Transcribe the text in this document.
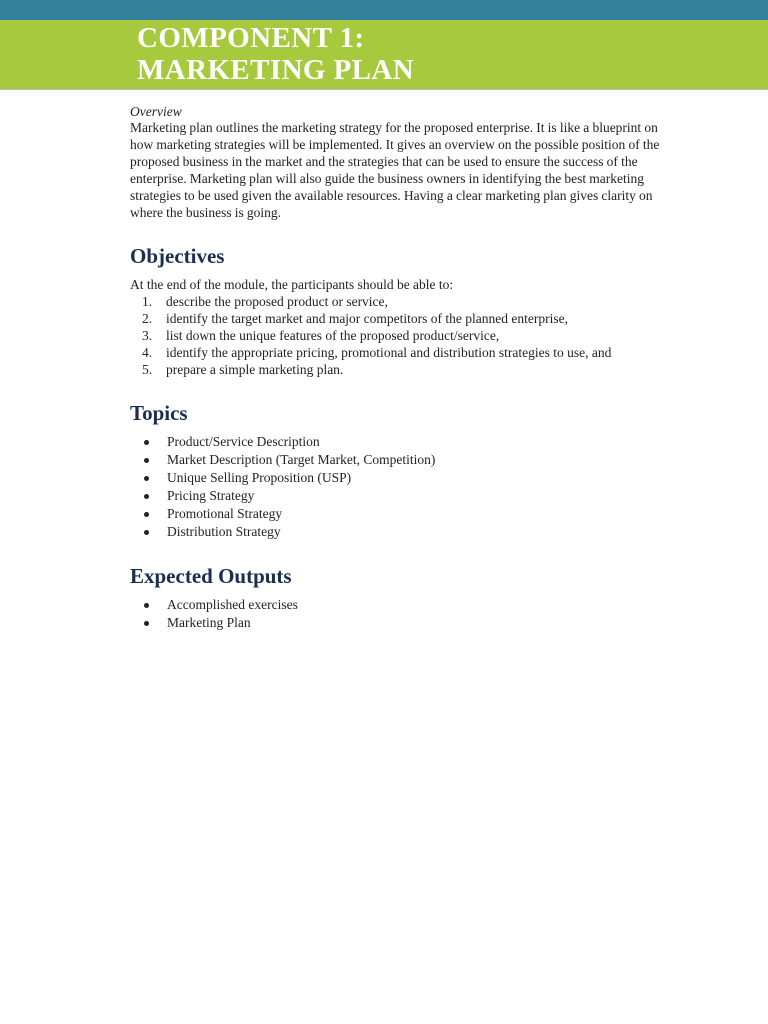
COMPONENT 1:
MARKETING PLAN

Overview

Marketing plan outlines the marketing strategy for the proposed enterprise. It is like a blueprint on how marketing strategies will be implemented. It gives an overview on the possible position of the proposed business in the market and the strategies that can be used to ensure the success of the enterprise. Marketing plan will also guide the business owners in identifying the best marketing strategies to be used given the available resources. Having a clear marketing plan gives clarity on where the business is going.

Objectives

At the end of the module, the participants should be able to:

1. describe the proposed product or service,
2. identify the target market and major competitors of the planned enterprise,
3. list down the unique features of the proposed product/service,
4. identify the appropriate pricing, promotional and distribution strategies to use, and
5. prepare a simple marketing plan.
Topics
Product/Service Description
Market Description (Target Market, Competition)
Unique Selling Proposition (USP)
Pricing Strategy
Promotional Strategy
Distribution Strategy
Expected Outputs
Accomplished exercises
Marketing Plan
